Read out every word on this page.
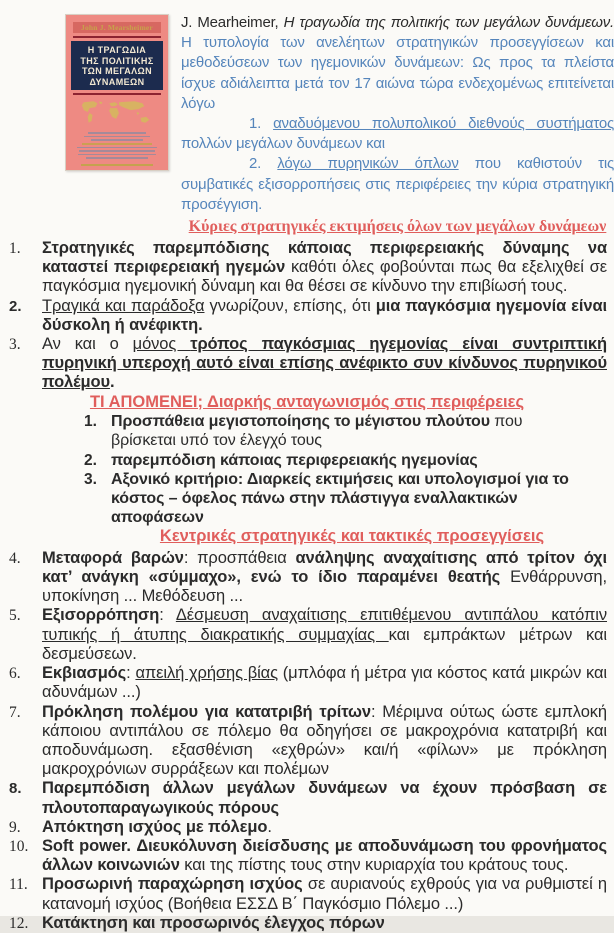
John J. Mearsheimer
Η ΤΡΑΓΩΔΙΑ
ΤΗΣ ΠΟΛΙΤΙΚΗΣ
ΤΩΝ ΜΕΓΑΛΩΝ
ΔΥΝΑΜΕΩΝ

J. Mearheimer, Η τραγωδία της πολιτικής των μεγάλων δυνάμεων. Η τυπολογία των ανελέητων στρατηγικών προσεγγίσεων και μεθοδεύσεων των ηγεμονικών δυνάμεων: Ως προς τα πλείστα ίσχυε αδιάλειπτα μετά τον 17 αιώνα τώρα ενδεχομένως επιτείνεται λόγω

1. αναδυόμενου πολυπολικού διεθνούς συστήματος πολλών μεγάλων δυνάμεων και

2. λόγω πυρηνικών όπλων που καθιστούν τις συμβατικές εξισορροπήσεις στις περιφέρειες την κύρια στρατηγική προσέγγιση.

Κύριες στρατηγικές εκτιμήσεις όλων των μεγάλων δυνάμεων
1.	Στρατηγικές παρεμπόδισης κάποιας περιφερειακής δύναμης να καταστεί περιφερειακή ηγεμών καθότι όλες φοβούνται πως θα εξελιχθεί σε παγκόσμια ηγεμονική δύναμη και θα θέσει σε κίνδυνο την επιβίωσή τους.
2.	Τραγικά και παράδοξα γνωρίζουν, επίσης, ότι μια παγκόσμια ηγεμονία είναι δύσκολη ή ανέφικτη.
3.	Αν και ο μόνος τρόπος παγκόσμιας ηγεμονίας είναι συντριπτική πυρηνική υπεροχή αυτό είναι επίσης ανέφικτο συν κίνδυνος πυρηνικού πολέμου.
ΤΙ ΑΠΟΜΕΝΕΙ; Διαρκής ανταγωνισμός στις περιφέρειες
1. Προσπάθεια μεγιστοποίησης το μέγιστου πλούτου που βρίσκεται υπό τον έλεγχό τους
2. παρεμπόδιση κάποιας περιφερειακής ηγεμονίας
3. Αξονικό κριτήριο: Διαρκείς εκτιμήσεις και υπολογισμοί για το κόστος – όφελος πάνω στην πλάστιγγα εναλλακτικών αποφάσεων
Κεντρικές στρατηγικές και τακτικές προσεγγίσεις
4.	Μεταφορά βαρών: προσπάθεια ανάληψης αναχαίτισης από τρίτον όχι κατ’ ανάγκη «σύμμαχο», ενώ το ίδιο παραμένει θεατής Ενθάρρυνση, υποκίνηση ... Μεθόδευση ...
5.	Εξισορρόπηση: Δέσμευση αναχαίτισης επιτιθέμενου αντιπάλου κατόπιν τυπικής ή άτυπης διακρατικής συμμαχίας και εμπράκτων μέτρων και δεσμεύσεων.
6.	Εκβιασμός: απειλή χρήσης βίας (μπλόφα ή μέτρα για κόστος κατά μικρών και αδυνάμων ...)
7.	Πρόκληση πολέμου για κατατριβή τρίτων: Μέριμνα ούτως ώστε εμπλοκή κάποιου αντιπάλου σε πόλεμο θα οδηγήσει σε μακροχρόνια κατατριβή και αποδυνάμωση. εξασθένιση «εχθρών» και/ή «φίλων» με πρόκληση μακροχρόνιων συρράξεων και πολέμων
8.	Παρεμπόδιση άλλων μεγάλων δυνάμεων να έχουν πρόσβαση σε πλουτοπαραγωγικούς πόρους
9.	Απόκτηση ισχύος με πόλεμο.
10. Soft power. Διευκόλυνση διείσδυσης με αποδυνάμωση του φρονήματος άλλων κοινωνιών και της πίστης τους στην κυριαρχία του κράτους τους.
11. Προσωρινή παραχώρηση ισχύος σε αυριανούς εχθρούς για να ρυθμιστεί η κατανομή ισχύος (Βοήθεια ΕΣΣΔ Β΄ Παγκόσμιο Πόλεμο ...)
12. Κατάκτηση και προσωρινός έλεγχος πόρων
